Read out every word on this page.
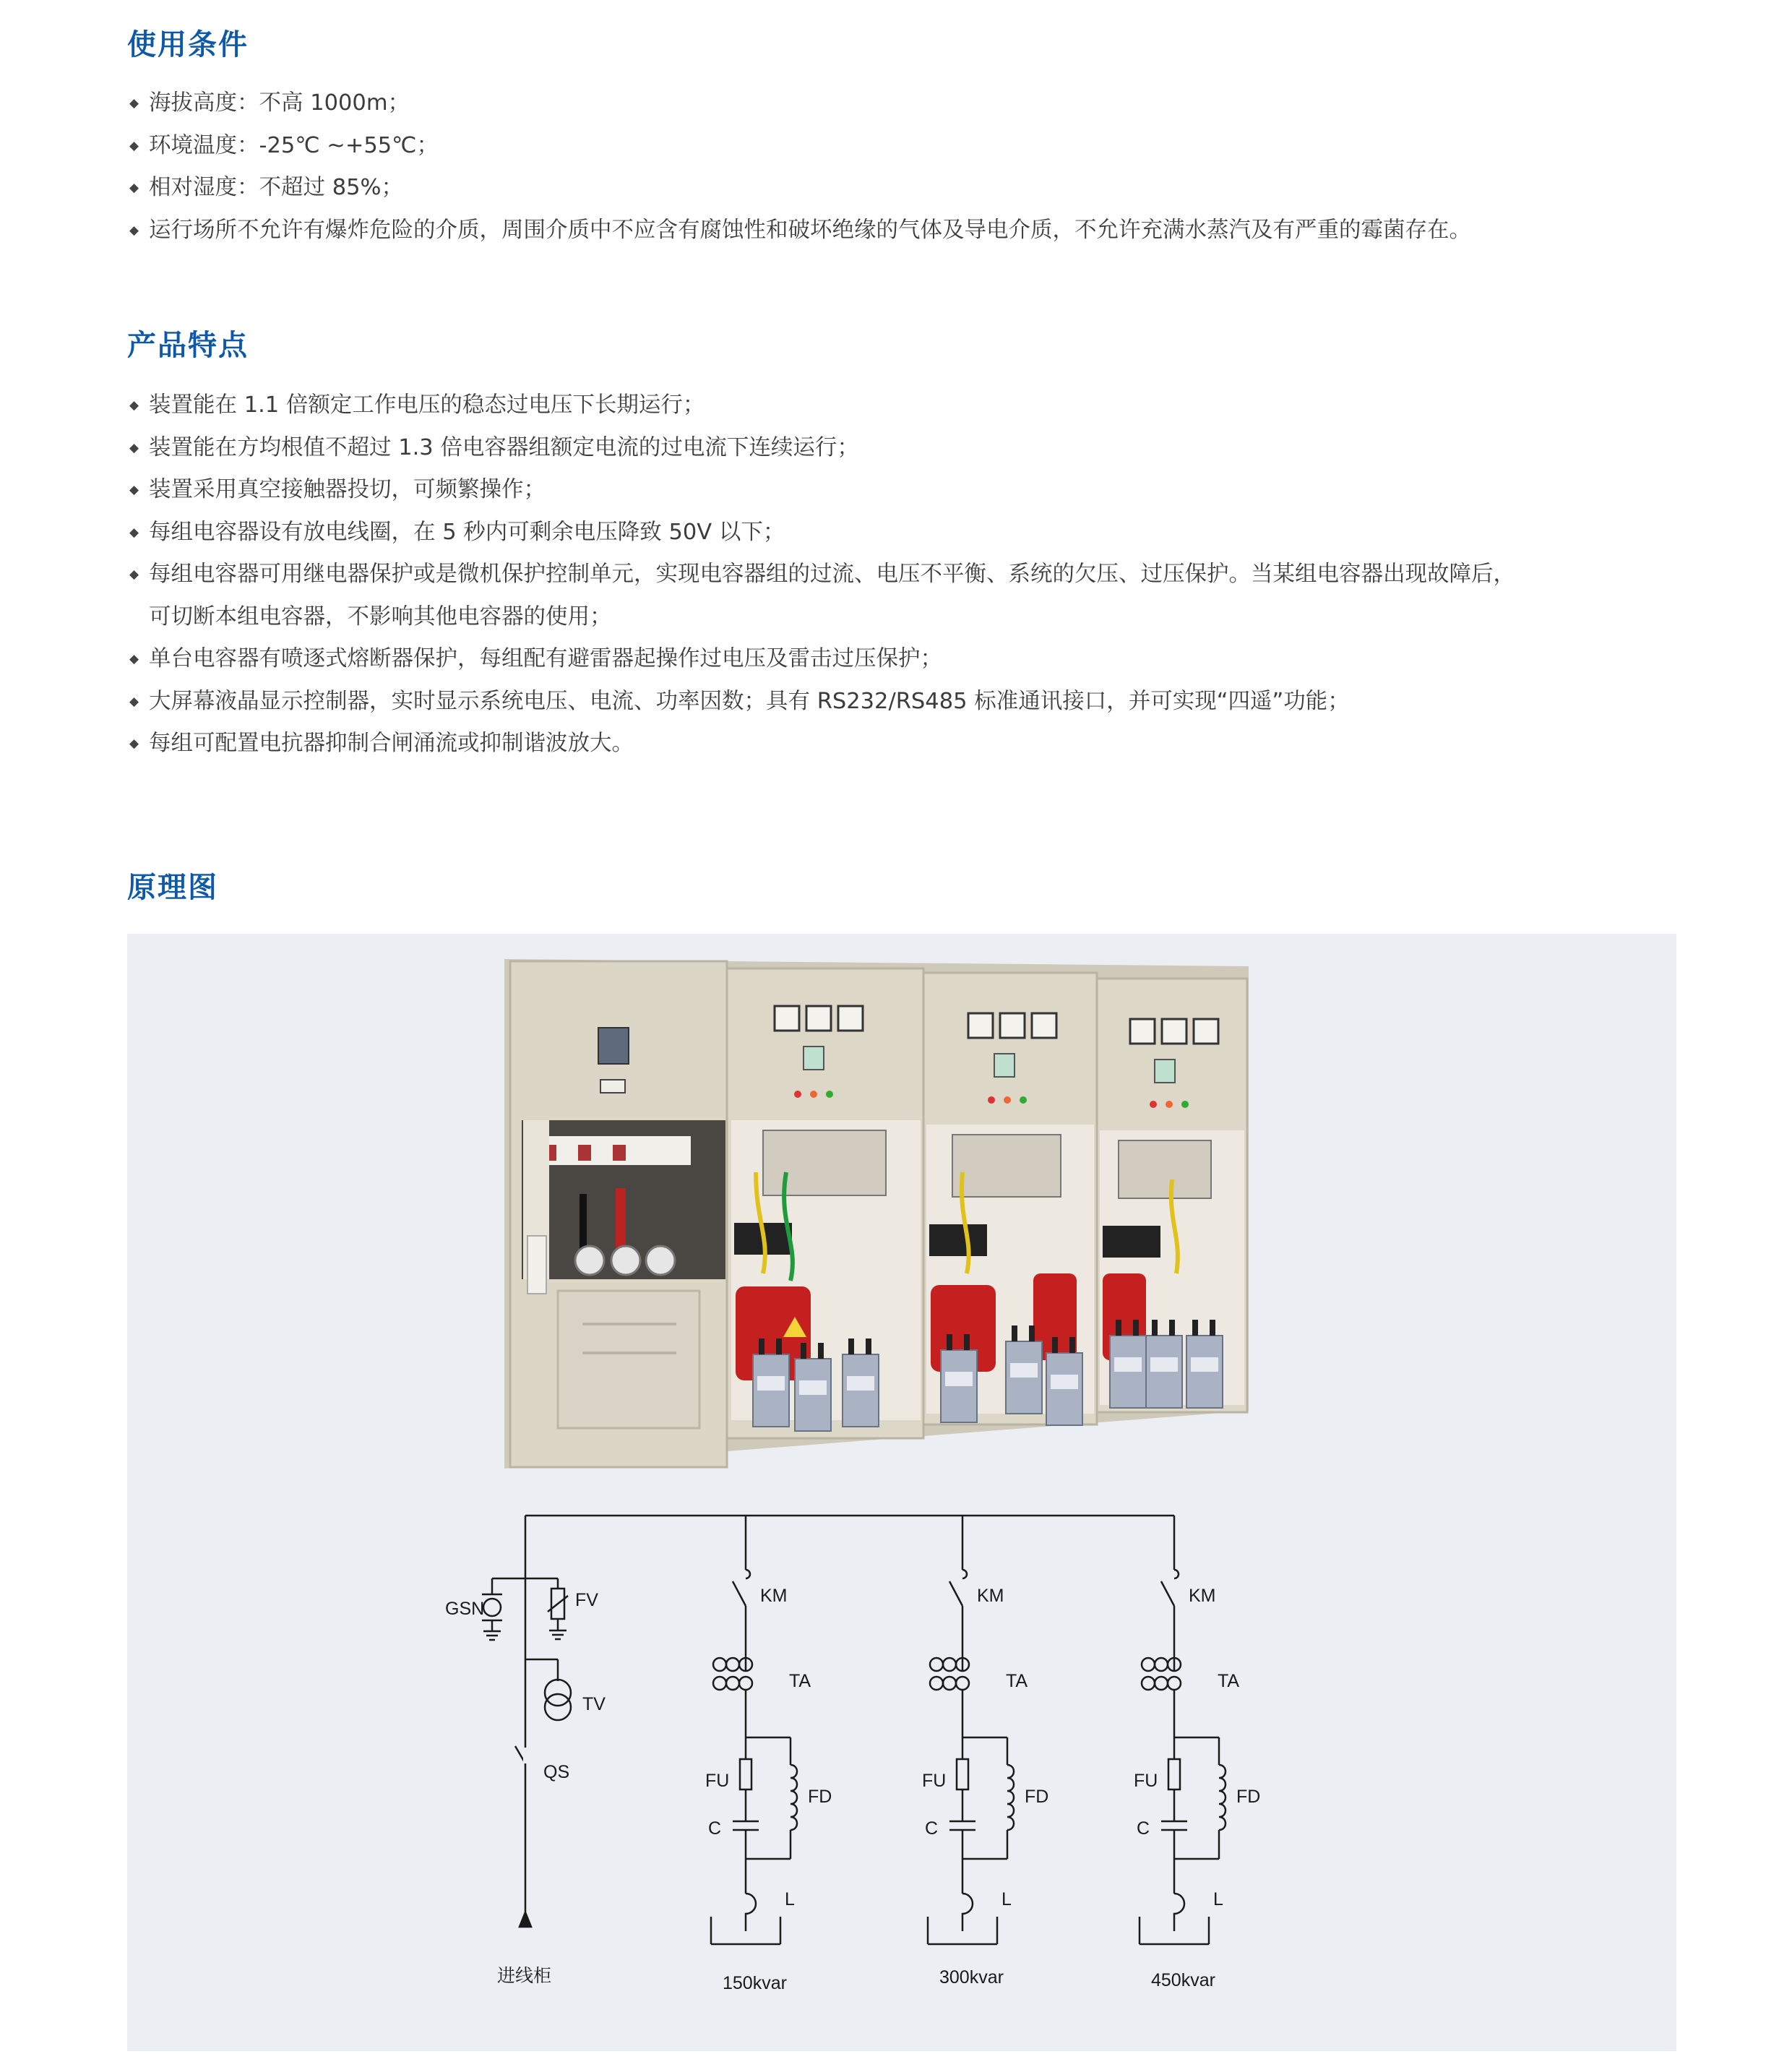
使用条件
◆ 海拔高度：不高 1000m；
◆ 环境温度：-25℃ ~+55℃；
◆ 相对湿度：不超过 85%；
◆ 运行场所不允许有爆炸危险的介质，周围介质中不应含有腐蚀性和破坏绝缘的气体及导电介质，不允许充满水蒸汽及有严重的霉菌存在。
产品特点
◆ 装置能在 1.1 倍额定工作电压的稳态过电压下长期运行；
◆ 装置能在方均根值不超过 1.3 倍电容器组额定电流的过电流下连续运行；
◆ 装置采用真空接触器投切，可频繁操作；
◆ 每组电容器设有放电线圈，在 5 秒内可剩余电压降致 50V 以下；
◆ 每组电容器可用继电器保护或是微机保护控制单元，实现电容器组的过流、电压不平衡、系统的欠压、过压保护。当某组电容器出现故障后，
可切断本组电容器，不影响其他电容器的使用；
◆ 单台电容器有喷逐式熔断器保护，每组配有避雷器起操作过电压及雷击过压保护；
◆ 大屏幕液晶显示控制器，实时显示系统电压、电流、功率因数；具有 RS232/RS485 标准通讯接口，并可实现“四遥”功能；
◆ 每组可配置电抗器抑制合闸涌流或抑制谐波放大。
原理图
GSN	FV
TV
QS
进线柜
KM
TA
FU
FD
C
L
150kvar
KM
TA
FU
FD
C
L
300kvar
KM
TA
FU
FD
C
L
450kvar
